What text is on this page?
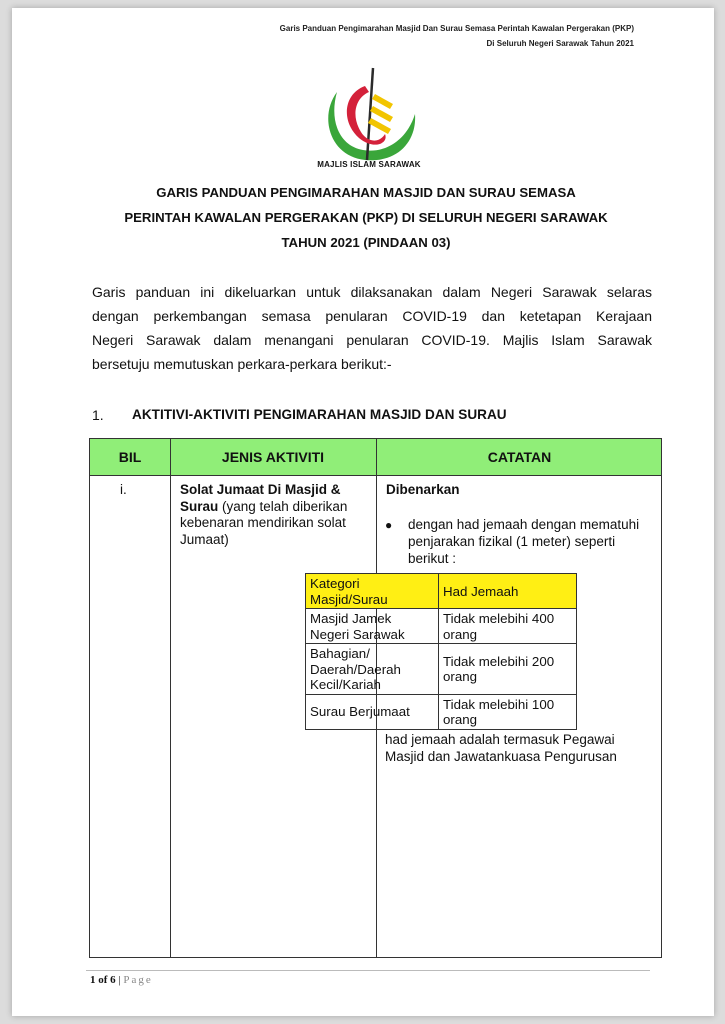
Garis Panduan Pengimarahan Masjid Dan Surau Semasa Perintah Kawalan Pergerakan (PKP)
Di Seluruh Negeri Sarawak Tahun 2021
MAJLIS ISLAM SARAWAK
GARIS PANDUAN PENGIMARAHAN MASJID DAN SURAU SEMASA
PERINTAH KAWALAN PERGERAKAN (PKP) DI SELURUH NEGERI SARAWAK
TAHUN 2021 (PINDAAN 03)
Garis panduan ini dikeluarkan untuk dilaksanakan dalam Negeri Sarawak selaras
dengan perkembangan semasa penularan COVID-19 dan ketetapan Kerajaan
Negeri Sarawak dalam menangani penularan COVID-19. Majlis Islam Sarawak
bersetuju memutuskan perkara-perkara berikut:-
1. AKTITIVI-AKTIVITI PENGIMARAHAN MASJID DAN SURAU
BIL	JENIS AKTIVITI	CATATAN
i.	Solat Jumaat Di Masjid &
Surau (yang telah diberikan
kebenaran mendirikan solat
Jumaat)
Dibenarkan
● dengan had jemaah dengan mematuhi
penjarakan fizikal (1 meter) seperti
berikut :
had jemaah adalah termasuk Pegawai
Masjid dan Jawatankuasa Pengurusan
Kategori
Masjid/Surau	Had Jemaah
Masjid Jamek
Negeri Sarawak	Tidak melebihi 400
orang
Bahagian/
Daerah/Daerah
Kecil/Kariah	Tidak melebihi 200
orang
Surau Berjumaat	Tidak melebihi 100
orang
1 of 6 | Page
